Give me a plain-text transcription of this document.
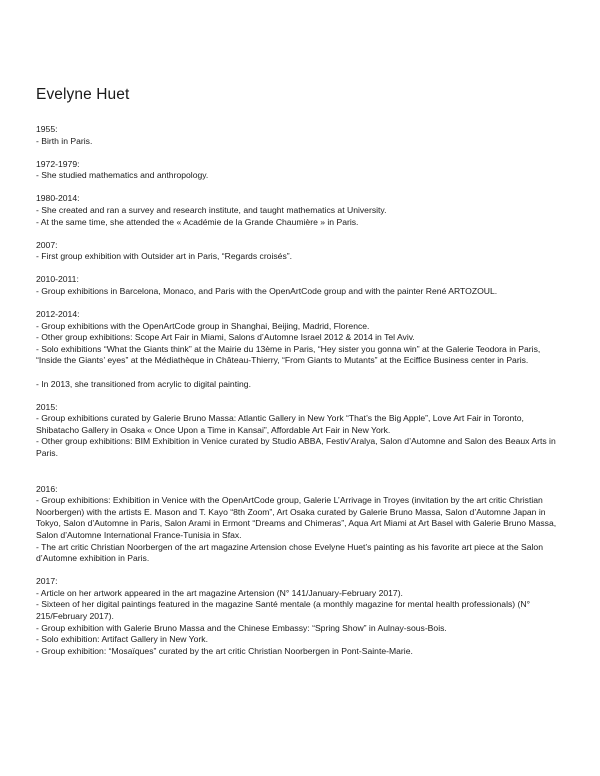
Evelyne Huet
1955:
- Birth in Paris.
1972-1979:
- She studied mathematics and anthropology.
1980-2014:
- She created and ran a survey and research institute, and taught mathematics at University.
- At the same time, she attended the « Académie de la Grande Chaumière » in Paris.
2007:
- First group exhibition with Outsider art in Paris, “Regards croisés”.
2010-2011:
- Group exhibitions in Barcelona, Monaco, and Paris with the OpenArtCode group and with the painter René ARTOZOUL.
2012-2014:
- Group exhibitions with the OpenArtCode group in Shanghai, Beijing, Madrid, Florence.
- Other group exhibitions: Scope Art Fair in Miami, Salons d’Automne Israel 2012 & 2014 in Tel Aviv.
- Solo exhibitions “What the Giants think” at the Mairie du 13ème in Paris, “Hey sister you gonna win” at the Galerie Teodora in Paris, “Inside the Giants’ eyes” at the Médiathèque in Château-Thierry, “From Giants to Mutants” at the Eciffice Business center in Paris.
- In 2013, she transitioned from acrylic to digital painting.
2015:
- Group exhibitions curated by Galerie Bruno Massa: Atlantic Gallery in New York “That’s the Big Apple”, Love Art Fair in Toronto, Shibatacho Gallery in Osaka « Once Upon a Time in Kansai”, Affordable Art Fair in New York.
- Other group exhibitions: BIM Exhibition in Venice curated by Studio ABBA, Festiv’Aralya, Salon d’Automne and Salon des Beaux Arts in Paris.
2016:
- Group exhibitions: Exhibition in Venice with the OpenArtCode group, Galerie L’Arrivage in Troyes (invitation by the art critic Christian Noorbergen) with the artists E. Mason and T. Kayo “8th Zoom”, Art Osaka curated by Galerie Bruno Massa, Salon d’Automne Japan in Tokyo, Salon d’Automne in Paris, Salon Arami in Ermont “Dreams and Chimeras”, Aqua Art Miami at Art Basel with Galerie Bruno Massa, Salon d’Automne International France-Tunisia in Sfax.
- The art critic Christian Noorbergen of the art magazine Artension chose Evelyne Huet’s painting as his favorite art piece at the Salon d’Automne exhibition in Paris.
2017:
- Article on her artwork appeared in the art magazine Artension (N° 141/January-February 2017).
- Sixteen of her digital paintings featured in the magazine Santé mentale (a monthly magazine for mental health professionals) (N° 215/February 2017).
- Group exhibition with Galerie Bruno Massa and the Chinese Embassy: “Spring Show” in Aulnay-sous-Bois.
- Solo exhibition: Artifact Gallery in New York.
- Group exhibition: “Mosaïques” curated by the art critic Christian Noorbergen in Pont-Sainte-Marie.
